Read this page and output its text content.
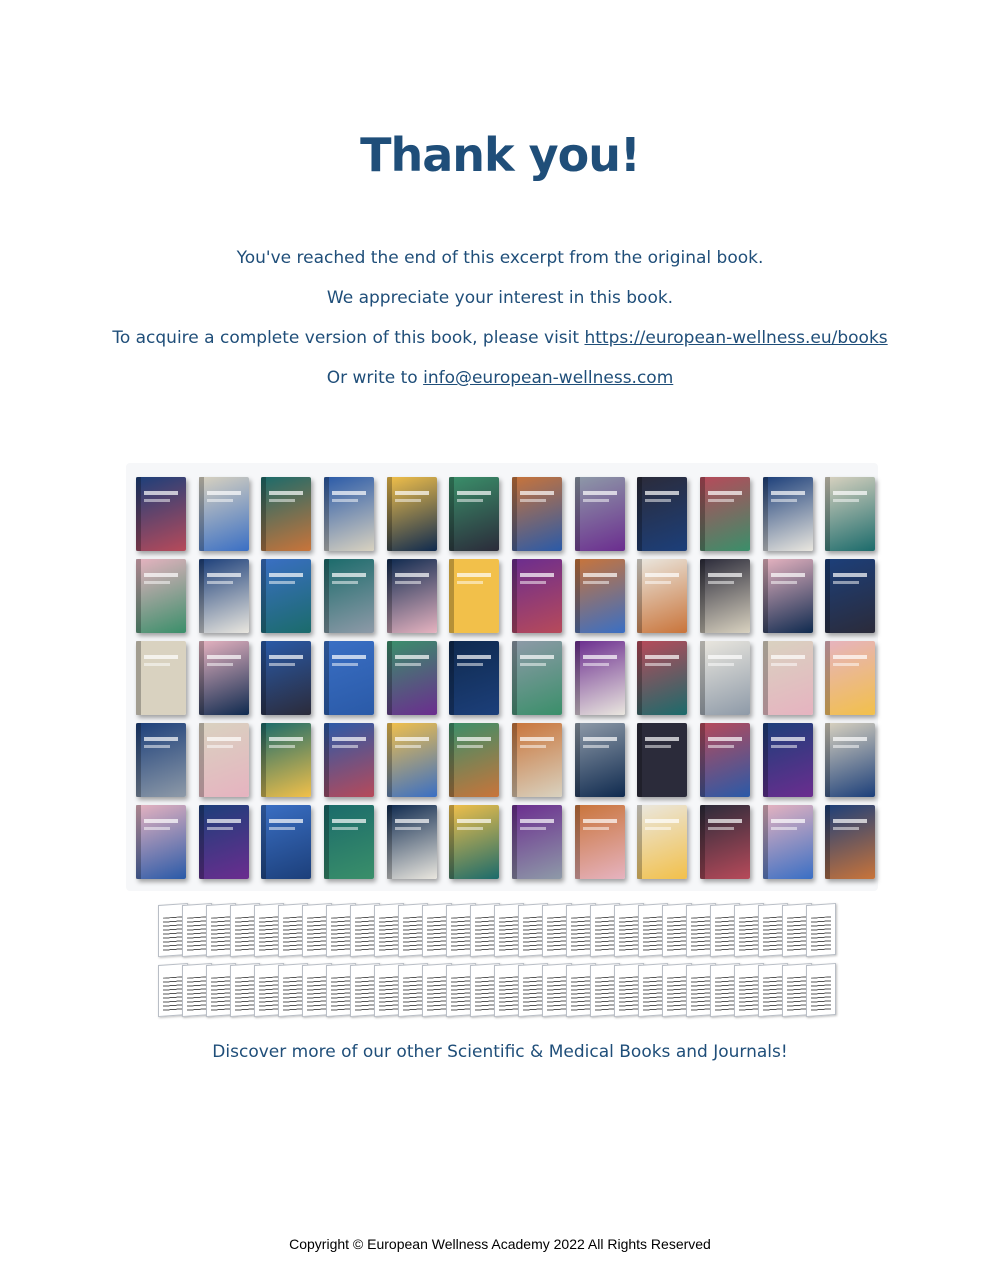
Thank you!
You've reached the end of this excerpt from the original book.
We appreciate your interest in this book.
To acquire a complete version of this book, please visit https://european-wellness.eu/books
Or write to info@european-wellness.com
Discover more of our other Scientific & Medical Books and Journals!
Copyright © European Wellness Academy 2022 All Rights Reserved
